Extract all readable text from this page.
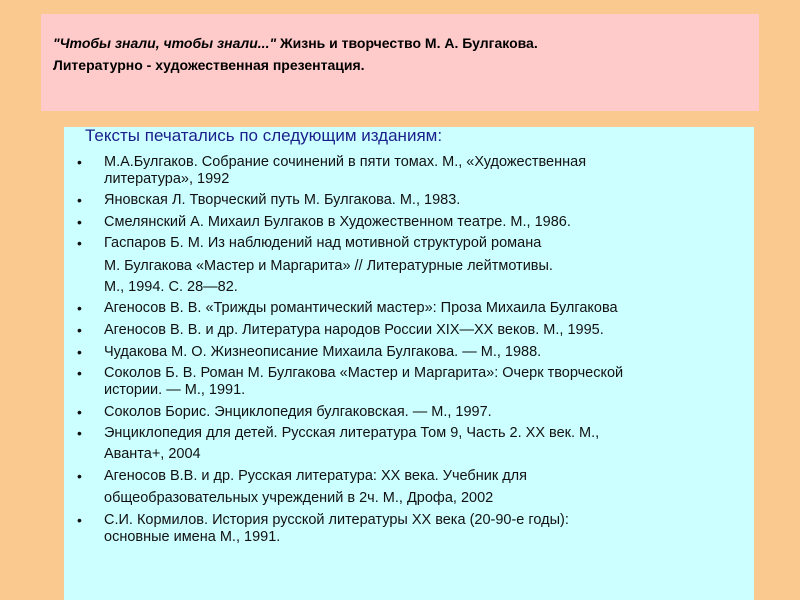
"Чтобы знали, чтобы знали..." Жизнь и творчество М. А. Булгакова.
Литературно - художественная презентация.
Тексты печатались по следующим изданиям:
• М.А.Булгаков. Собрание сочинений в пяти томах. М., «Художественная
литература», 1992
• Яновская Л. Творческий путь М. Булгакова. М., 1983.
• Смелянский А. Михаил Булгаков в Художественном театре. М., 1986.
• Гаспаров Б. М. Из наблюдений над мотивной структурой романа
М. Булгакова «Мастер и Маргарита» // Литературные лейтмотивы.
М., 1994. С. 28—82.
• Агеносов В. В. «Трижды романтический мастер»: Проза Михаила Булгакова
• Агеносов В. В. и др. Литература народов России XIX—XX веков. М., 1995.
• Чудакова М. О. Жизнеописание Михаила Булгакова. — М., 1988.
• Соколов Б. В. Роман М. Булгакова «Мастер и Маргарита»: Очерк творческой
истории. — М., 1991.
• Соколов Борис. Энциклопедия булгаковская. — М., 1997.
• Энциклопедия для детей. Русская литература Том 9, Часть 2. XX век. М.,
Аванта+, 2004
• Агеносов В.В. и др. Русская литература: XX века. Учебник для
общеобразовательных учреждений в 2ч. М., Дрофа, 2002
• С.И. Кормилов. История русской литературы XX века (20-90-е годы):
основные имена М., 1991.
